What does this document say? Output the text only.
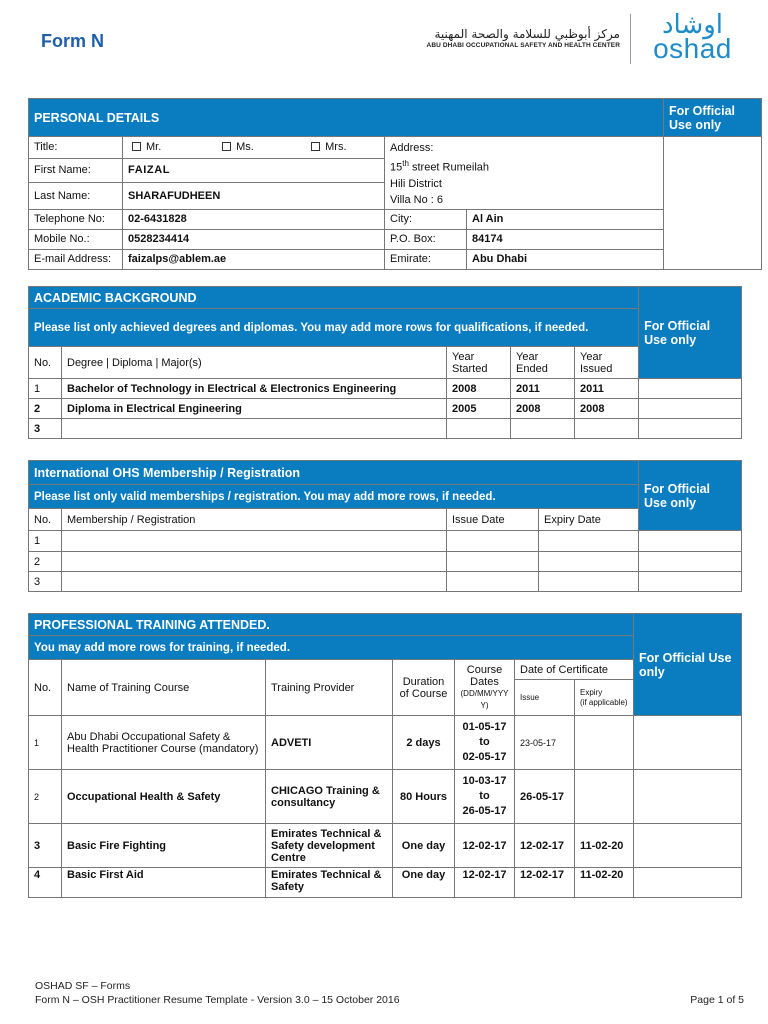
Form N	مركز أبوظبي للسلامة والصحة المهنية
ABU DHABI OCCUPATIONAL SAFETY AND HEALTH CENTER
اوشاد
oshad
PERSONAL DETAILS				For Official Use only
Title:	Mr. Ms. Mrs.	Address:
15th street Rumeilah
Hili District
Villa No : 6		

First Name:	FAIZAL			
Last Name:	SHARAFUDHEEN			
Telephone No:	02-6431828	City:	Al Ain	
Mobile No.:	0528234414	P.O. Box:	84174	
E-mail Address:	faizalps@ablem.ae	Emirate:	Abu Dhabi	
ACADEMIC BACKGROUND					For Official Use only
Please list only achieved degrees and diplomas. You may add more rows for qualifications, if needed.					
No.	Degree | Diploma | Major(s)	Year Started	Year Ended	Year Issued	
1	Bachelor of Technology in Electrical & Electronics Engineering	2008	2011	2011	
2	Diploma in Electrical Engineering	2005	2008	2008	
3					
International OHS Membership / Registration				For Official Use only
Please list only valid memberships / registration. You may add more rows, if needed.				
No.	Membership / Registration	Issue Date	Expiry Date	
1				
2				
3				
PROFESSIONAL TRAINING ATTENDED.							For Official Use only
You may add more rows for training, if needed.							
No.	Name of Training Course	Training Provider	Duration of Course	Course Dates
(DD/MM/YYYY)	Date of Certificate		
					Issue	Expiry
(if applicable)	

1	Abu Dhabi Occupational Safety & Health Practitioner Course (mandatory)	ADVETI	2 days	01-05-17
to
02-05-17	23-05-17		
2	Occupational Health & Safety	CHICAGO Training & consultancy	80 Hours	10-03-17
to
26-05-17	26-05-17		
3	Basic Fire Fighting	Emirates Technical & Safety development Centre	One day	12-02-17	12-02-17	11-02-20	
4	Basic First Aid	Emirates Technical & Safety	One day	12-02-17	12-02-17	11-02-20	
OSHAD SF – Forms
Form N – OSH Practitioner Resume Template - Version 3.0 – 15 October 2016	Page 1 of 5
